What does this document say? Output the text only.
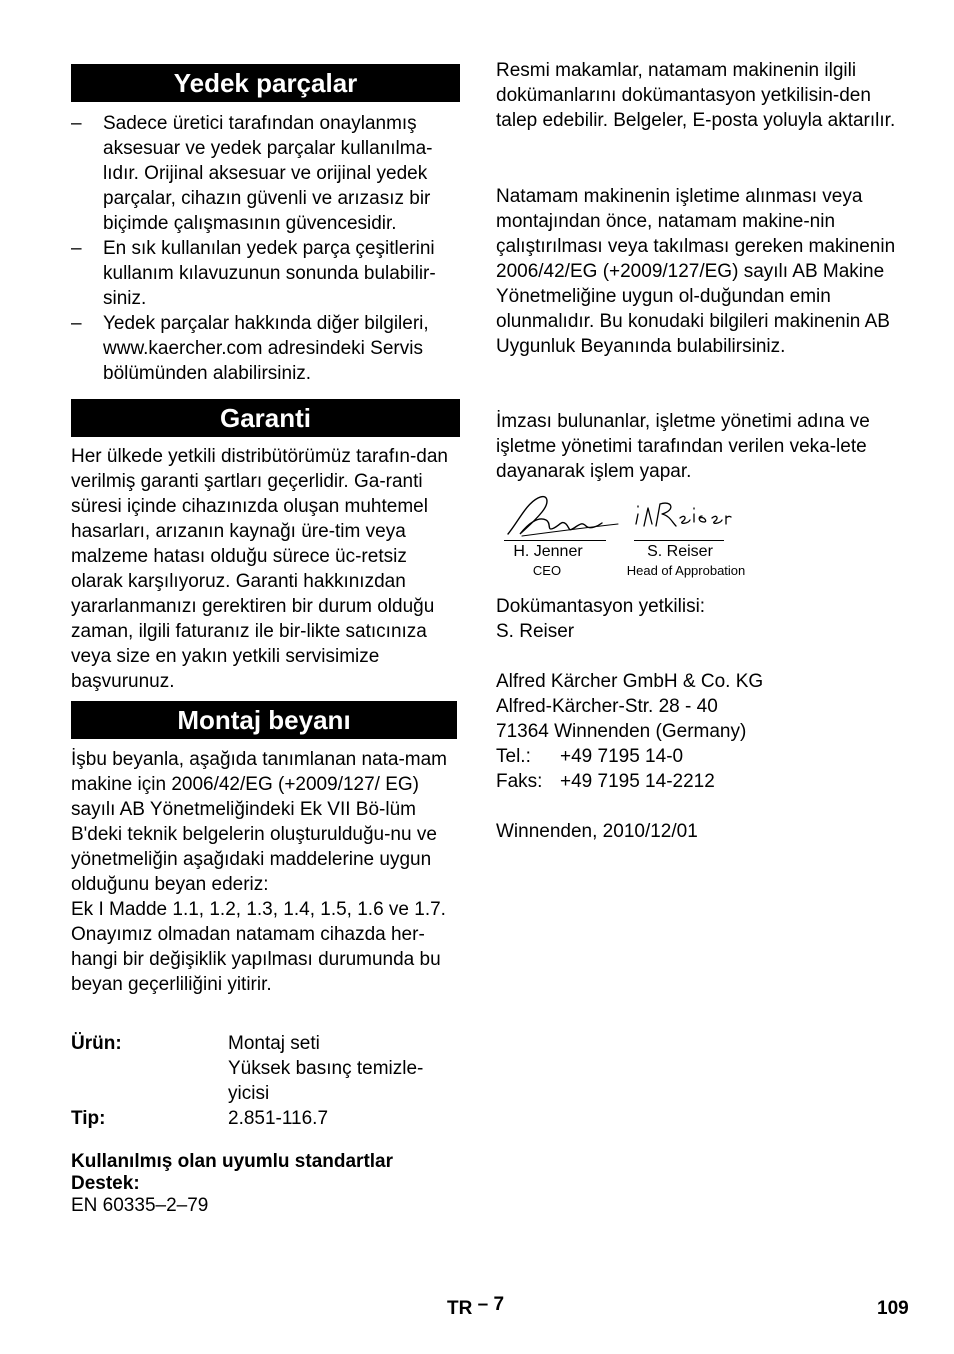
Yedek parçalar
– Sadece üretici tarafından onaylanmış aksesuar ve yedek parçalar kullanılma-lıdır. Orijinal aksesuar ve orijinal yedek parçalar, cihazın güvenli ve arızasız bir biçimde çalışmasının güvencesidir.
– En sık kullanılan yedek parça çeşitlerini kullanım kılavuzunun sonunda bulabilir-siniz.
– Yedek parçalar hakkında diğer bilgileri, www.kaercher.com adresindeki Servis bölümünden alabilirsiniz.
Garanti
Her ülkede yetkili distribütörümüz tarafın-dan verilmiş garanti şartları geçerlidir. Ga-ranti süresi içinde cihazınızda oluşan muhtemel hasarları, arızanın kaynağı üre-tim veya malzeme hatası olduğu sürece üc-retsiz olarak karşılıyoruz. Garanti hakkınızdan yararlanmanızı gerektiren bir durum olduğu zaman, ilgili faturanız ile bir-likte satıcınıza veya size en yakın yetkili servisimize başvurunuz.
Montaj beyanı
İşbu beyanla, aşağıda tanımlanan nata-mam makine için 2006/42/EG (+2009/127/ EG) sayılı AB Yönetmeliğindeki Ek VII Bö-lüm B'deki teknik belgelerin oluşturulduğu-nu ve yönetmeliğin aşağıdaki maddelerine uygun olduğunu beyan ederiz:
Ek I Madde 1.1, 1.2, 1.3, 1.4, 1.5, 1.6 ve 1.7.
Onayımız olmadan natamam cihazda her-hangi bir değişiklik yapılması durumunda bu beyan geçerliliğini yitirir.
Ürün:	Montaj seti
Yüksek basınç temizle-yicisi

Tip:	2.851-116.7
Kullanılmış olan uyumlu standartlar
Destek:
EN 60335–2–79
Resmi makamlar, natamam makinenin ilgili dokümanlarını dokümantasyon yetkilisin-den talep edebilir. Belgeler, E-posta yoluyla aktarılır.
Natamam makinenin işletime alınması veya montajından önce, natamam makine-nin çalıştırılması veya takılması gereken makinenin 2006/42/EG (+2009/127/EG) sayılı AB Makine Yönetmeliğine uygun ol-duğundan emin olunmalıdır. Bu konudaki bilgileri makinenin AB Uygunluk Beyanında bulabilirsiniz.
İmzası bulunanlar, işletme yönetimi adına ve işletme yönetimi tarafından verilen veka-lete dayanarak işlem yapar.
H. Jenner	S. Reiser
CEO	Head of Approbation
Dokümantasyon yetkilisi:
S. Reiser
Alfred Kärcher GmbH & Co. KG
Alfred-Kärcher-Str. 28 - 40
71364 Winnenden (Germany)
Tel.:	+49 7195 14-0
Faks: +49 7195 14-2212
Winnenden, 2010/12/01
TR – 7	109
